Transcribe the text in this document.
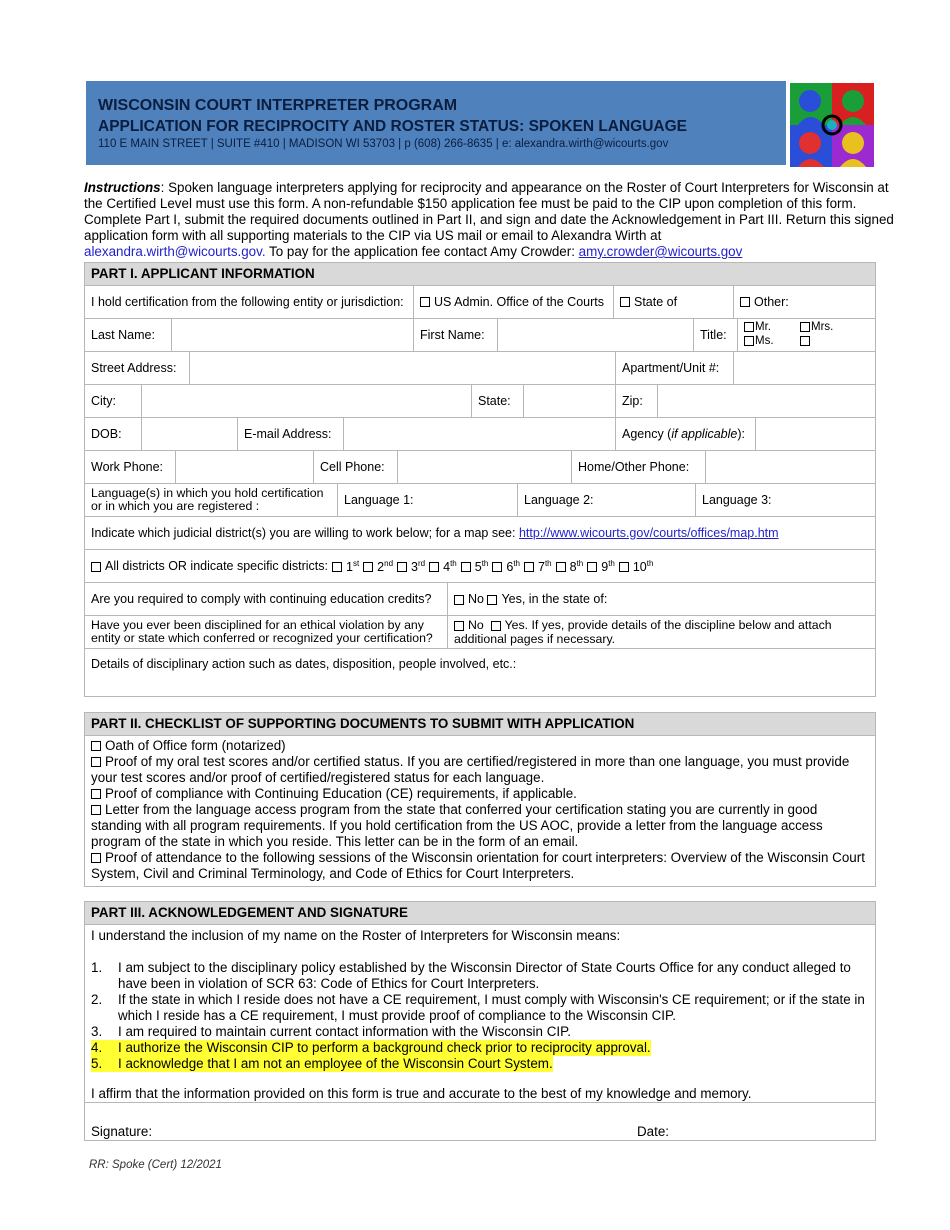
WISCONSIN COURT INTERPRETER PROGRAM
APPLICATION FOR RECIPROCITY AND ROSTER STATUS: SPOKEN LANGUAGE
110 E MAIN STREET | SUITE #410 | MADISON WI 53703 | p (608) 266-8635 | e: alexandra.wirth@wicourts.gov
Instructions: Spoken language interpreters applying for reciprocity and appearance on the Roster of Court Interpreters for Wisconsin at the Certified Level must use this form. A non-refundable $150 application fee must be paid to the CIP upon completion of this form. Complete Part I, submit the required documents outlined in Part II, and sign and date the Acknowledgement in Part III. Return this signed application form with all supporting materials to the CIP via US mail or email to Alexandra Wirth at
alexandra.wirth@wicourts.gov. To pay for the application fee contact Amy Crowder: amy.crowder@wicourts.gov
PART I. APPLICANT INFORMATION
I hold certification from the following entity or jurisdiction:	US Admin. Office of the Courts State of	Other:
Last Name:	First Name:	Title:
Mr.	Mrs.
Ms.
Street Address:	Apartment/Unit #:
City:	State:	Zip:
DOB:	E-mail Address:	Agency ( if applicable ):
Work Phone:	Cell Phone:	Home/Other Phone:
Language(s) in which you hold certification or in which you are registered :	Language 1:	Language 2:	Language 3:
Indicate which judicial district(s) you are willing to work below; for a map see: http://www.wicourts.gov/courts/offices/map.htm
All districts OR indicate specific districts:	1st 2nd 3rd 4th 5th 6th 7th 8th 9th 10th
Are you required to comply with continuing education credits?	No
	Yes, in the state of:
Have you ever been disciplined for an ethical violation by any entity or state which conferred or recognized your certification?
No Yes. If yes, provide details of the discipline below and attach additional pages if necessary.
Details of disciplinary action such as dates, disposition, people involved, etc.:
PART II. CHECKLIST OF SUPPORTING DOCUMENTS TO SUBMIT WITH APPLICATION

Oath of Office form (notarized)

Proof of my oral test scores and/or certified status. If you are certified/registered in more than one language, you must provide your test scores and/or proof of certified/registered status for each language.

Proof of compliance with Continuing Education (CE) requirements, if applicable.

Letter from the language access program from the state that conferred your certification stating you are currently in good standing with all program requirements. If you hold certification from the US AOC, provide a letter from the language access program of the state in which you reside. This letter can be in the form of an email.

Proof of attendance to the following sessions of the Wisconsin orientation for court interpreters: Overview of the Wisconsin Court System, Civil and Criminal Terminology, and Code of Ethics for Court Interpreters.

PART III. ACKNOWLEDGEMENT AND SIGNATURE
I understand the inclusion of my name on the Roster of Interpreters for Wisconsin means:
1.	I am subject to the disciplinary policy established by the Wisconsin Director of State Courts Office for any conduct alleged to have been in violation of SCR 63: Code of Ethics for Court Interpreters.
2.	If the state in which I reside does not have a CE requirement, I must comply with Wisconsin's CE requirement; or if the state in which I reside has a CE requirement, I must provide proof of compliance to the Wisconsin CIP.
3.	I am required to maintain current contact information with the Wisconsin CIP.
4.	I authorize the Wisconsin CIP to perform a background check prior to reciprocity approval.
5.	I acknowledge that I am not an employee of the Wisconsin Court System.
I affirm that the information provided on this form is true and accurate to the best of my knowledge and memory.
Signature:	Date:
RR: Spoke (Cert) 12/2021
